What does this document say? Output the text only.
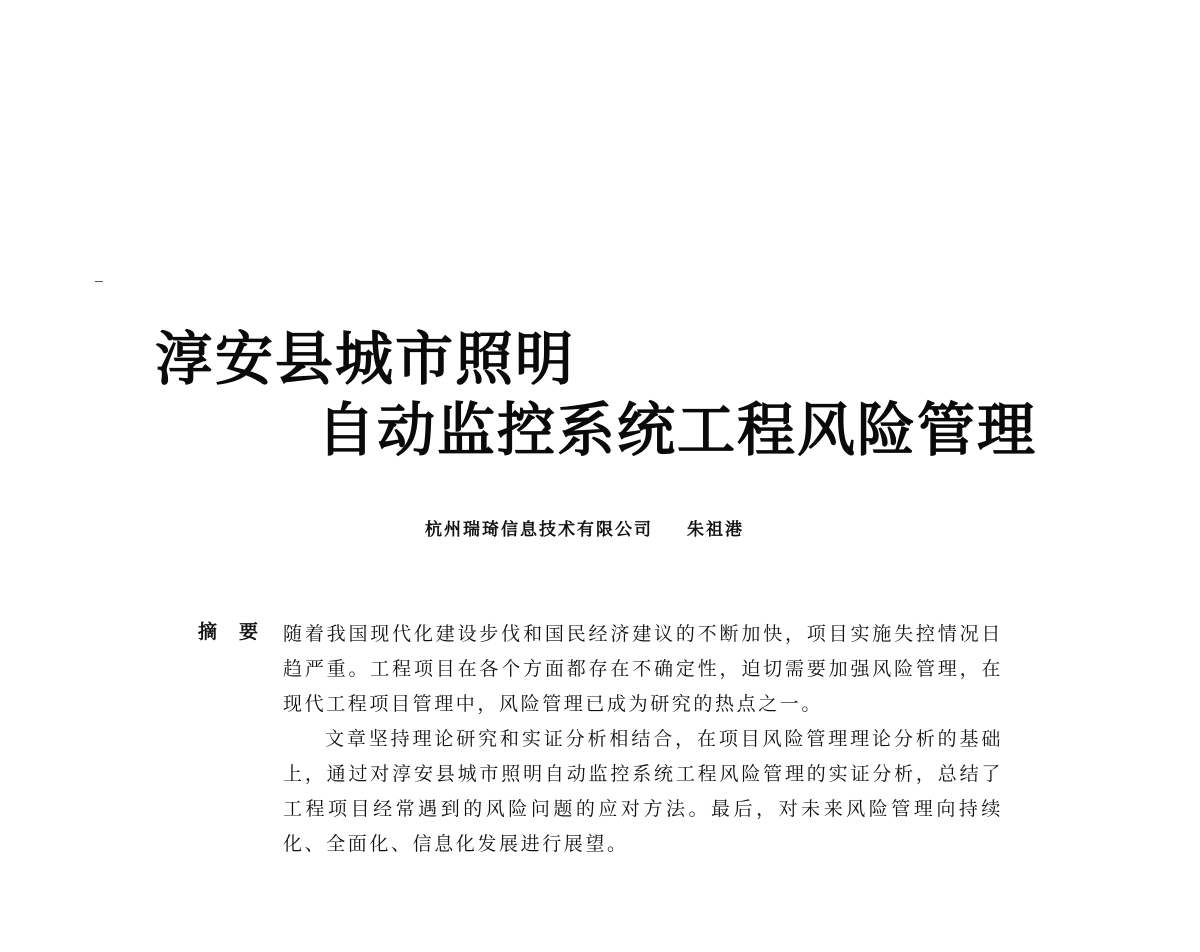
淳安县城市照明
自动监控系统工程风险管理
杭州瑞琦信息技术有限公司 朱祖港
摘要 随着我国现代化建设步伐和国民经济建议的不断加快，项目实施失控情况日趋严重。工程项目在各个方面都存在不确定性，迫切需要加强风险管理，在现代工程项目管理中，风险管理已成为研究的热点之一。

文章坚持理论研究和实证分析相结合，在项目风险管理理论分析的基础上，通过对淳安县城市照明自动监控系统工程风险管理的实证分析，总结了工程项目经常遇到的风险问题的应对方法。最后，对未来风险管理向持续化、全面化、信息化发展进行展望。
